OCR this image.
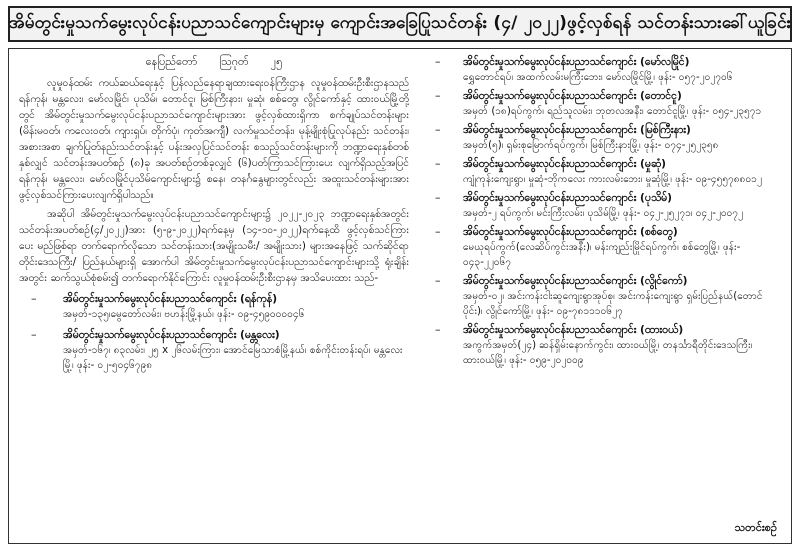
အိမ်တွင်းမှုသက်မွေးလုပ်ငန်းပညာသင်ကျောင်းများမှ ကျောင်းအခြေပြုသင်တန်း (၄/ ၂၀၂၂)ဖွင့်လှစ်ရန် သင်တန်းသားခေါ်ယူခြင်း
နေပြည်တော် ဩဂုတ် ၂၅

လူမှုဝန်ထမ်း ကယ်ဆယ်ရေးနှင့် ပြန်လည်နေရာချထားရေးဝန်ကြီးဌာန လူမှုဝန်ထမ်းဦးစီးဌာနသည် ရန်ကုန်၊ မန္တလေး၊ မော်လမြိုင်၊ ပုသိမ်၊ တောင်ငူ၊ မြစ်ကြီးနား၊ မှုဆုံ၊ စစ်တွေ၊ လွိုင်ကော်နှင့် ထားဝယ်မြို့တို့တွင် အိမ်တွင်းမှုသက်မွေးလုပ်ငန်းပညာသင်ကျောင်းများအား ဖွင့်လှစ်ထားရှိကာ စက်ချုပ်သင်တန်းများ (မိန်းမဝတ်၊ ကလေးဝတ်၊ ကျားရှပ်၊ တိုက်ပုံ၊ ကုတ်အကျီ) လက်မှုသင်တန်း၊ မုန့်မျိုးစုံပြုလုပ်နည်း သင်တန်း၊ အစားအစာ ချက်ပြုတ်နည်းသင်တန်းနှင့် ပန်းအလှပြင်သင်တန်း စသည့်သင်တန်းများကို ဘဏ္ဍာရေးနှစ်တစ်နှစ်လျှင် သင်တန်းအပတ်စဉ် (၈)ခု အပတ်စဉ်တစ်ခုလျှင် (၆)ပတ်ကြာသင်ကြားပေး လျက်ရှိသည့်အပြင် ရန်ကုန်၊ မန္တလေး၊ မော်လမြိုင်ပုသိမ်ကျောင်းများ၌ စနေ၊ တနင်္ဂနွေများတွင်လည်း အထူးသင်တန်းများအား ဖွင့်လှစ်သင်ကြားပေးလျက်ရှိပါသည်။

အဆိုပါ အိမ်တွင်းမှုသက်မွေးလုပ်ငန်းပညာသင်ကျောင်းများ၌ ၂၀၂၂-၂၀၂၃ ဘဏ္ဍာရေးနှစ်အတွင်း သင်တန်းအပတ်စဉ်(၄/၂၀၂၂)အား (၅-၉-၂၀၂၂)ရက်နေ့မှ (၁၄-၁၀-၂၀၂၂)ရက်နေ့ထိ ဖွင့်လှစ်သင်ကြားပေး မည်ဖြစ်ရာ တက်ရောက်လိုသော သင်တန်းသား(အမျိုးသမီး/ အမျိုးသား) များအနေဖြင့် သက်ဆိုင်ရာ တိုင်းဒေသကြီး/ ပြည်နယ်များရှိ အောက်ပါ အိမ်တွင်းမှုသက်မွေးလုပ်ငန်းပညာသင်ကျောင်းများသို့ ရုံးချိန်း အတွင်း ဆက်သွယ်စုံစမ်း၍ တက်ရောက်နိုင်ကြောင်း လူမှုဝန်ထမ်းဦးစီးဌာနမှ အသိပေးထား သည်-

–	အိမ်တွင်းမှုသက်မွေးလုပ်ငန်းပညာသင်ကျောင်း (ရန်ကုန်)
အမှတ်-၁၃၅၊မွေတော်လမ်း၊ ဗဟန်းမြို့နယ်၊ ဖုန်း- ၀၉-၄၅၉၀၀၀၀၄၆
–	အိမ်တွင်းမှုသက်မွေးလုပ်ငန်းပညာသင်ကျောင်း (မန္တလေး)
အမှတ်-၁၆၇၊ ၈၃လမ်း၊ ၂၅ x ၂၆လမ်းကြား၊ အောင်မြေသာစံမြို့နယ်၊ စစ်ကိုင်းတန်းရပ်၊ မန္တလေးမြို့၊ ဖုန်း- ၀၂-၅၀၄၆၇၉၈
– အိမ်တွင်းမှုသက်မွေးလုပ်ငန်းပညာသင်ကျောင်း (မော်လမြိုင်)
ရွှေတောင်ရပ်၊ အထက်လမ်းမကြီးဘေး၊ မော်လမြိုင်မြို့၊ ဖုန်း- ၀၅၇-၂၀၂၇၀၆
– အိမ်တွင်းမှုသက်မွေးလုပ်ငန်းပညာသင်ကျောင်း (တောင်ငူ)
အမှတ် (၁၈)ရပ်ကွက်၊ ရည်သူလမ်း၊ ဘုတလအနီး၊ တောင်ငူမြို့၊ ဖုန်း- ၀၅၄-၂၃၅၇၁
– အိမ်တွင်းမှုသက်မွေးလုပ်ငန်းပညာသင်ကျောင်း (မြစ်ကြီးနား)
အမှတ်(၅)၊ ရှမ်းစုမြောက်ရပ်ကွက်၊ မြစ်ကြီးနားမြို့၊ ဖုန်း- ၀၇၄-၂၅၂၃၅၈
– အိမ်တွင်းမှုသက်မွေးလုပ်ငန်းပညာသင်ကျောင်း (မှုဆုံ)
ကျုံကုန်းကျေးရွာ၊ မှုဆုံ-ဘိုကလေး ကားလမ်းဘေး၊ မှုဆုံမြို့၊ ဖုန်း- ၀၉-၄၅၅၇၈၈၀၁၂
– အိမ်တွင်းမှုသက်မွေးလုပ်ငန်းပညာသင်ကျောင်း (ပုသိမ်)
အမှတ်-၂ ရပ်ကွက်၊ မင်းကြီးလမ်း၊ ပုသိမ်မြို့၊ ဖုန်း- ၀၄၂-၂၅၂၇၁၊ ၀၄၂-၂၀၀၇၂
– အိမ်တွင်းမှုသက်မွေးလုပ်ငန်းပညာသင်ကျောင်း (စစ်တွေ)
မေယုရပ်ကွက်(လေဆိပ်ကွင်းအနီး)၊ မန်းကျည်းမြိုင်ရပ်ကွက်၊ စစ်တွေမြို့၊ ဖုန်း- ၀၄၃-၂၂၀၆၇
– အိမ်တွင်းမှုသက်မွေးလုပ်ငန်းပညာသင်ကျောင်း (လွိုင်ကော်)
အမှတ်-၀၂၊ အင်းကန်းငါးဆူကျေးရွာအုပ်စု၊ အင်းကန်းကျေးရွာ ရှမ်းပြည်နယ်(တောင်ပိုင်း)၊ လွိုင်ကော်မြို့၊ ဖုန်း- ၀၉-၇၈၁၁၁၀၆၂၇
– အိမ်တွင်းမှုသက်မွေးလုပ်ငန်းပညာသင်ကျောင်း (ထားဝယ်)
အကွက်အမှတ်(၂၄) ဆန်ရှိမ်းနောက်ကွင်း၊ ထားဝယ်မြို့၊ တနင်္သာရီတိုင်းဒေသကြီး၊ ထားဝယ်မြို့၊ ဖုန်း- ၀၅၉-၂၀၂၀၀၉
သတင်းစဉ်
